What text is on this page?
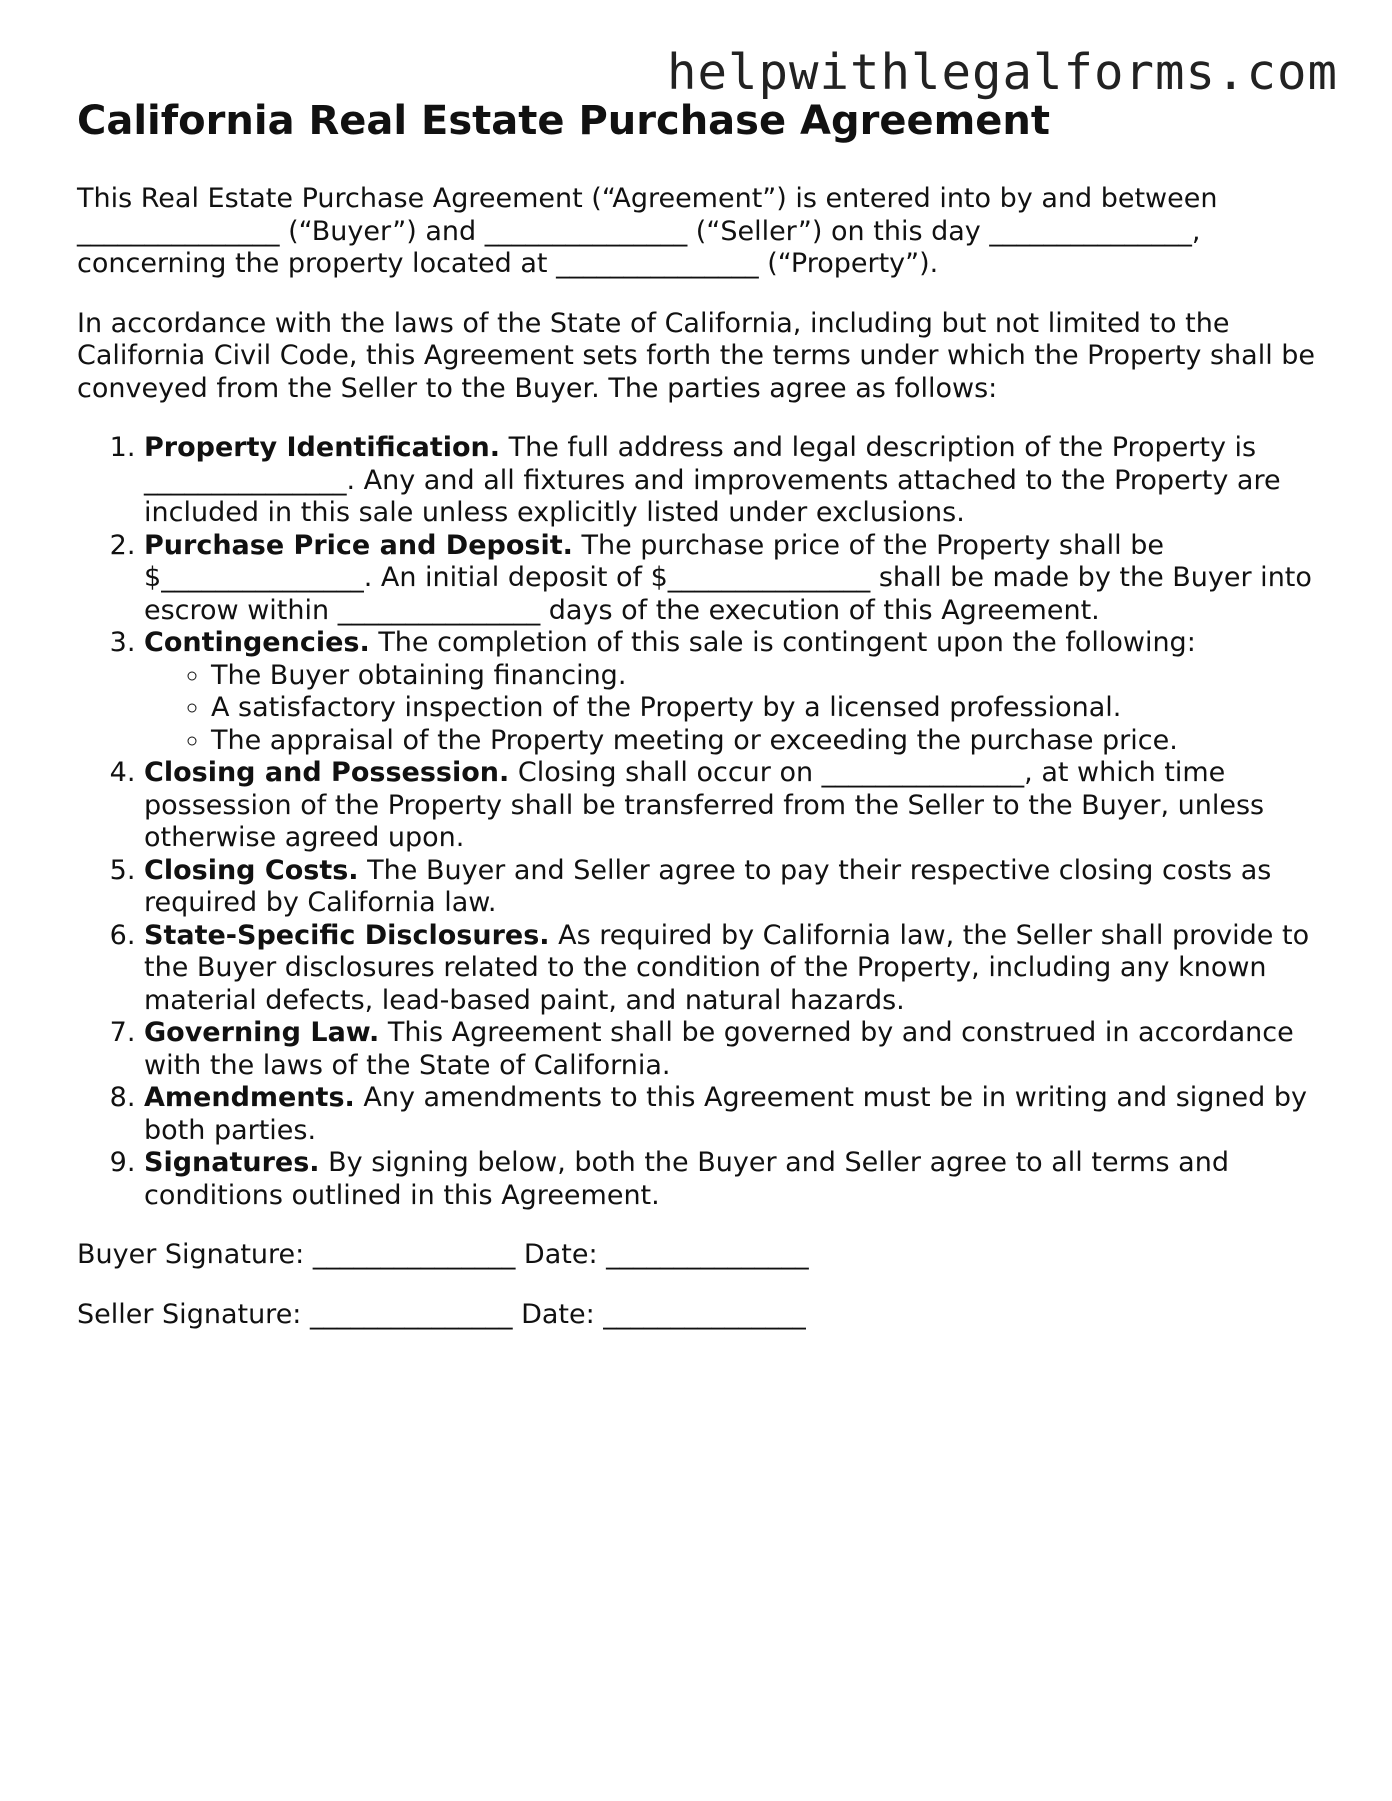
helpwithlegalforms.com
California Real Estate Purchase Agreement

This Real Estate Purchase Agreement (“Agreement”) is entered into by and between
_______________ (“Buyer”) and _______________ (“Seller”) on this day _______________,
concerning the property located at _______________ (“Property”).

In accordance with the laws of the State of California, including but not limited to the California Civil Code, this Agreement sets forth the terms under which the Property shall be conveyed from the Seller to the Buyer. The parties agree as follows:

1. Property Identification. The full address and legal description of the Property is
_______________. Any and all fixtures and improvements attached to the Property are included in this sale unless explicitly listed under exclusions.
2. Purchase Price and Deposit. The purchase price of the Property shall be $_______________. An initial deposit of $_______________ shall be made by the Buyer into escrow within _______________ days of the execution of this Agreement.
3. Contingencies. The completion of this sale is contingent upon the following:
◦ The Buyer obtaining financing.
◦ A satisfactory inspection of the Property by a licensed professional.
◦ The appraisal of the Property meeting or exceeding the purchase price.
4. Closing and Possession. Closing shall occur on _______________, at which time possession of the Property shall be transferred from the Seller to the Buyer, unless otherwise agreed upon.
5. Closing Costs. The Buyer and Seller agree to pay their respective closing costs as required by California law.
6. State-Specific Disclosures. As required by California law, the Seller shall provide to the Buyer disclosures related to the condition of the Property, including any known material defects, lead-based paint, and natural hazards.
7. Governing Law. This Agreement shall be governed by and construed in accordance with the laws of the State of California.
8. Amendments. Any amendments to this Agreement must be in writing and signed by both parties.
9. Signatures. By signing below, both the Buyer and Seller agree to all terms and conditions outlined in this Agreement.
Buyer Signature: _______________ Date: _______________
Seller Signature: _______________ Date: _______________
